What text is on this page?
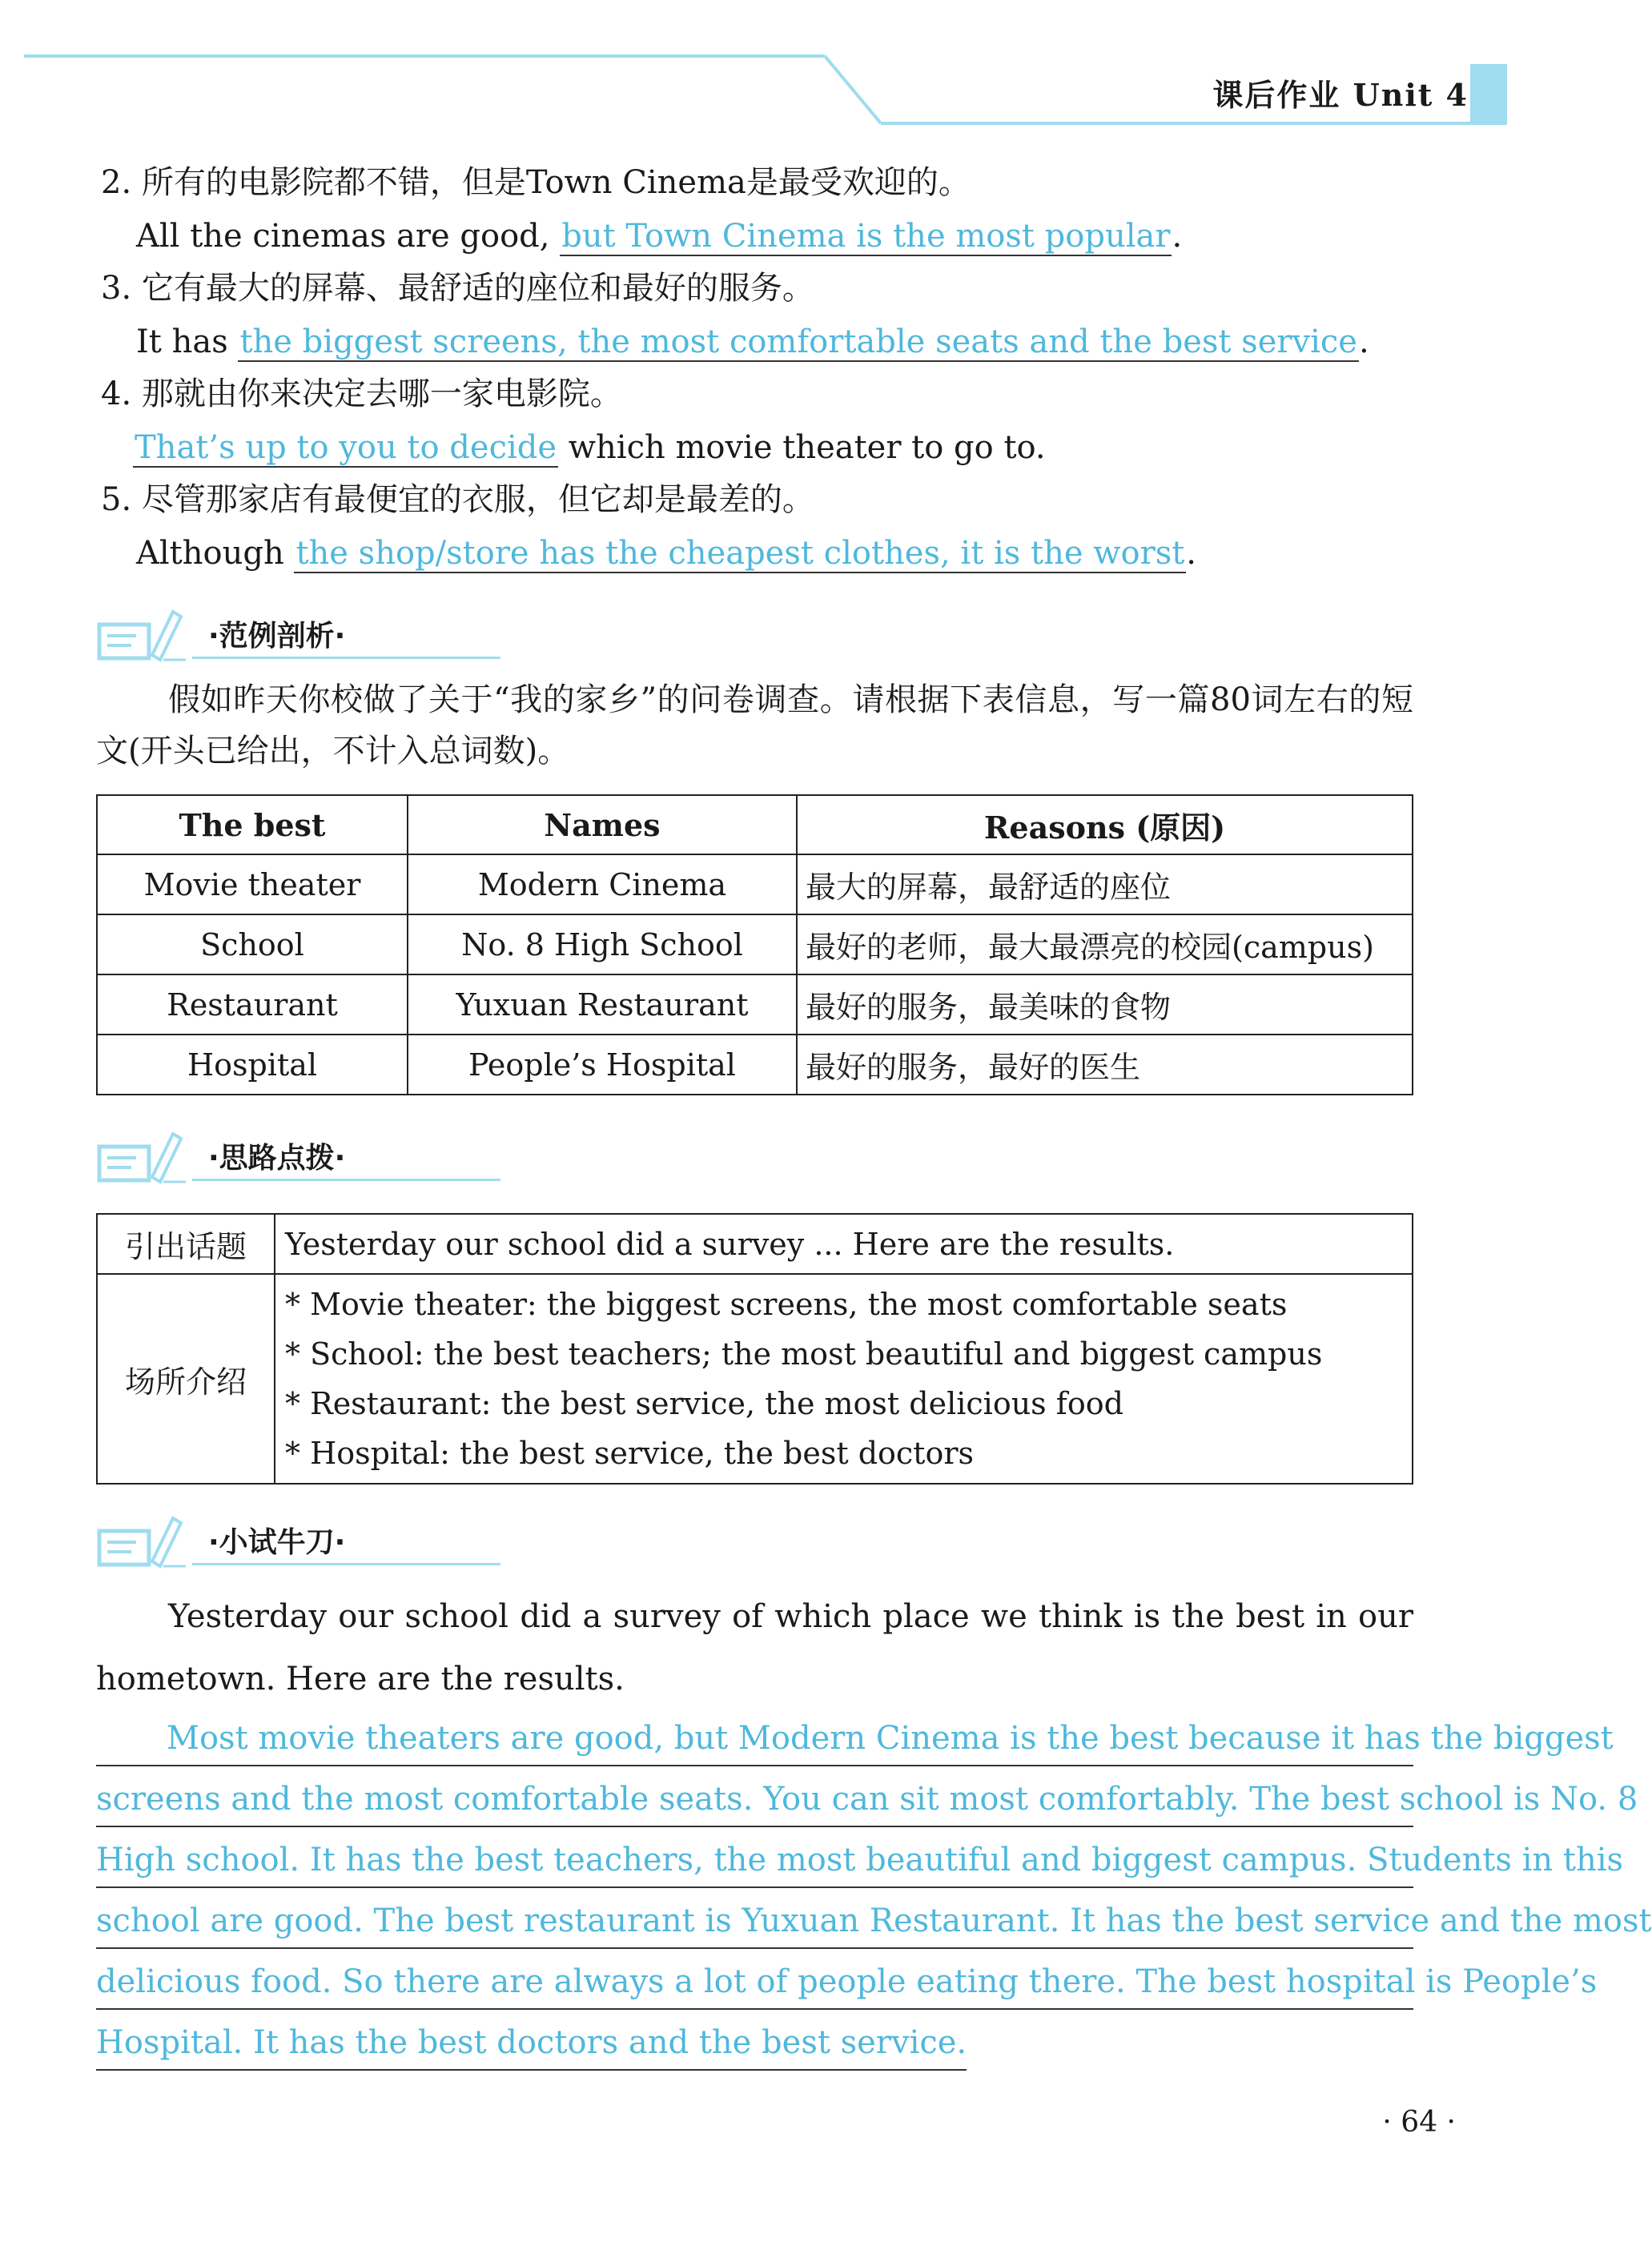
课后作业 Unit 4
2. 所有的电影院都不错，但是Town Cinema是最受欢迎的。
All the cinemas are good, but Town Cinema is the most popular.
3. 它有最大的屏幕、最舒适的座位和最好的服务。
It has the biggest screens, the most comfortable seats and the best service.
4. 那就由你来决定去哪一家电影院。
That’s up to you to decide which movie theater to go to.
5. 尽管那家店有最便宜的衣服，但它却是最差的。
Although the shop/store has the cheapest clothes, it is the worst.
·范例剖析·
假如昨天你校做了关于“我的家乡”的问卷调查。请根据下表信息，写一篇80词左右的短文(开头已给出，不计入总词数)。
The best	Names	Reasons (原因)
Movie theater	Modern Cinema	最大的屏幕，最舒适的座位
School	No. 8 High School	最好的老师，最大最漂亮的校园(campus)
Restaurant	Yuxuan Restaurant	最好的服务，最美味的食物
Hospital	People’s Hospital	最好的服务，最好的医生
·思路点拨·
引出话题	Yesterday our school did a survey ... Here are the results.
场所介绍	* Movie theater: the biggest screens, the most comfortable seats
* School: the best teachers; the most beautiful and biggest campus
* Restaurant: the best service, the most delicious food
* Hospital: the best service, the best doctors
·小试牛刀·
Yesterday our school did a survey of which place we think is the best in our hometown. Here are the results.
Most movie theaters are good, but Modern Cinema is the best because it has the biggest
screens and the most comfortable seats. You can sit most comfortably. The best school is No. 8
High school. It has the best teachers, the most beautiful and biggest campus. Students in this
school are good. The best restaurant is Yuxuan Restaurant. It has the best service and the most
delicious food. So there are always a lot of people eating there. The best hospital is People’s
Hospital. It has the best doctors and the best service.
· 64 ·
